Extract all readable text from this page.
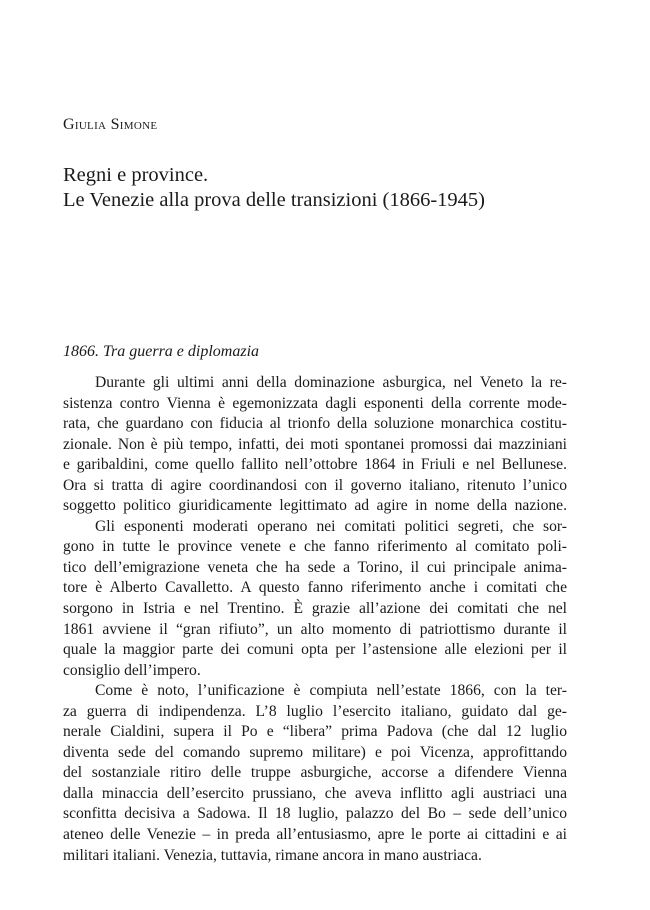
Giulia Simone

Regni e province.
Le Venezie alla prova delle transizioni (1866-1945)
1866. Tra guerra e diplomazia

Durante gli ultimi anni della dominazione asburgica, nel Veneto la re-
sistenza contro Vienna è egemonizzata dagli esponenti della corrente mode-
rata, che guardano con fiducia al trionfo della soluzione monarchica costitu-
zionale. Non è più tempo, infatti, dei moti spontanei promossi dai mazziniani
e garibaldini, come quello fallito nell’ottobre 1864 in Friuli e nel Bellunese.
Ora si tratta di agire coordinandosi con il governo italiano, ritenuto l’unico
soggetto politico giuridicamente legittimato ad agire in nome della nazione.

Gli esponenti moderati operano nei comitati politici segreti, che sor-
gono in tutte le province venete e che fanno riferimento al comitato poli-
tico dell’emigrazione veneta che ha sede a Torino, il cui principale anima-
tore è Alberto Cavalletto. A questo fanno riferimento anche i comitati che
sorgono in Istria e nel Trentino. È grazie all’azione dei comitati che nel
1861 avviene il “gran rifiuto”, un alto momento di patriottismo durante il
quale la maggior parte dei comuni opta per l’astensione alle elezioni per il
consiglio dell’impero.

Come è noto, l’unificazione è compiuta nell’estate 1866, con la ter-
za guerra di indipendenza. L’8 luglio l’esercito italiano, guidato dal ge-
nerale Cialdini, supera il Po e “libera” prima Padova (che dal 12 luglio
diventa sede del comando supremo militare) e poi Vicenza, approfittando
del sostanziale ritiro delle truppe asburgiche, accorse a difendere Vienna
dalla minaccia dell’esercito prussiano, che aveva inflitto agli austriaci una
sconfitta decisiva a Sadowa. Il 18 luglio, palazzo del Bo – sede dell’unico
ateneo delle Venezie – in preda all’entusiasmo, apre le porte ai cittadini e ai
militari italiani. Venezia, tuttavia, rimane ancora in mano austriaca.
